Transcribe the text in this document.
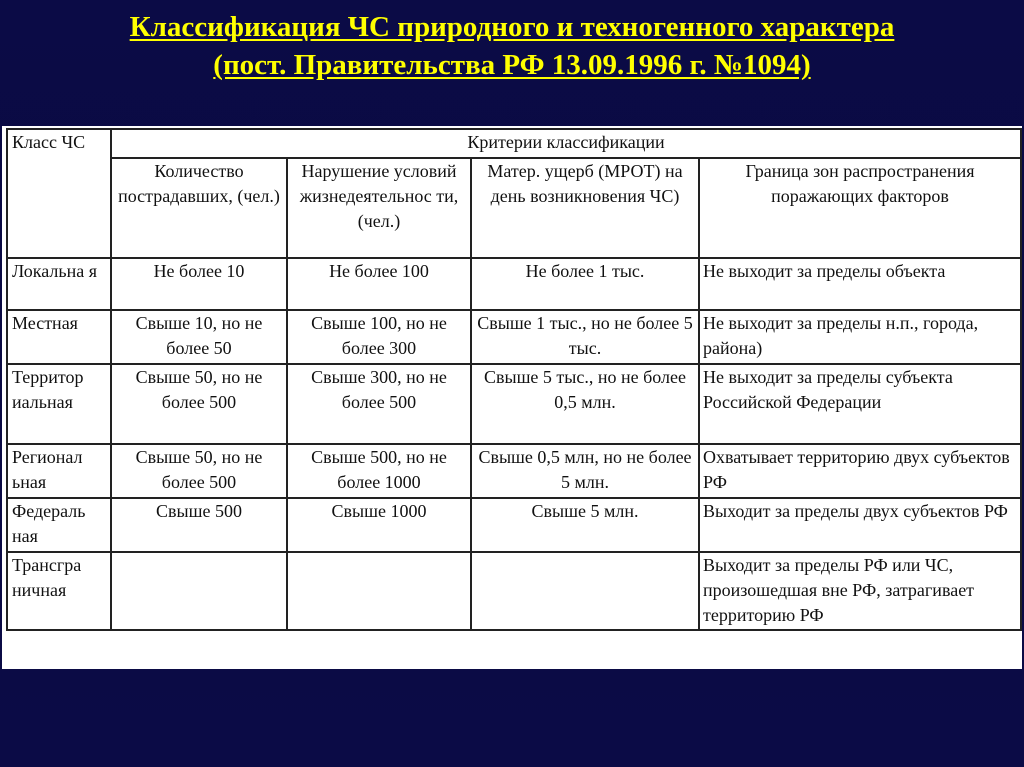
Классификация ЧС природного и техногенного характера
(пост. Правительства РФ 13.09.1996 г. №1094)
Класс ЧС	Критерии классификации			
	Количество пострадавших, (чел.)	Нарушение условий жизнедеятельнос ти, (чел.)	Матер. ущерб (МРОТ) на день возникновения ЧС)	Граница зон распространения поражающих факторов
Локальна я	Не более 10	Не более 100	Не более 1 тыс.	Не выходит за пределы объекта
Местная	Свыше 10, но не более 50	Свыше 100, но не более 300	Свыше 1 тыс., но не более 5 тыс.	Не выходит за пределы н.п., города, района)
Территор иальная	Свыше 50, но не более 500	Свыше 300, но не более 500	Свыше 5 тыс., но не более 0,5 млн.	Не выходит за пределы субъекта Российской Федерации
Регионал ьная	Свыше 50, но не более 500	Свыше 500, но не более 1000	Свыше 0,5 млн, но не более 5 млн.	Охватывает территорию двух субъектов РФ
Федераль ная	Свыше 500	Свыше 1000	Свыше 5 млн.	Выходит за пределы двух субъектов РФ
Трансгра ничная				Выходит за пределы РФ или ЧС, произошедшая вне РФ, затрагивает территорию РФ
